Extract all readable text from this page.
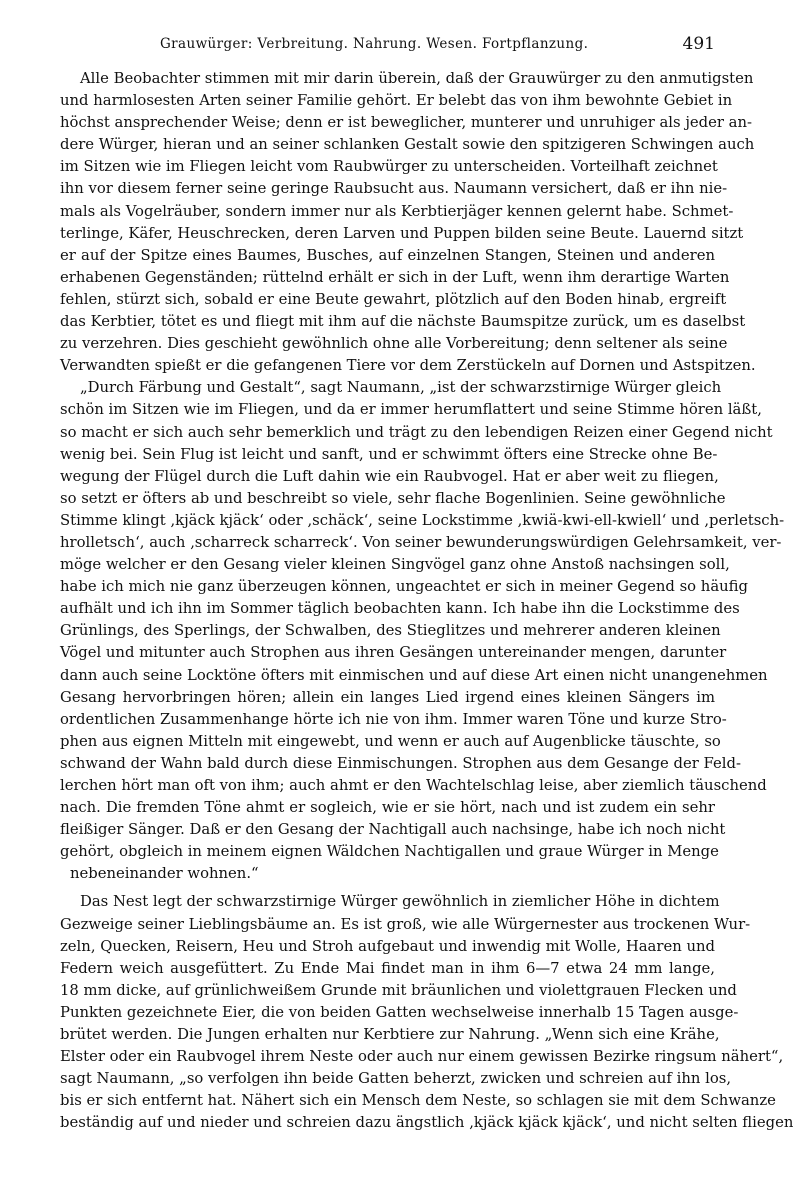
Grauwürger: Verbreitung. Nahrung. Wesen. Fortpflanzung.	491
Alle Beobachter stimmen mit mir darin überein, daß der Grauwürger zu den anmutigsten
und harmlosesten Arten seiner Familie gehört. Er belebt das von ihm bewohnte Gebiet in
höchst ansprechender Weise; denn er ist beweglicher, munterer und unruhiger als jeder an-
dere Würger, hieran und an seiner schlanken Gestalt sowie den spitzigeren Schwingen auch
im Sitzen wie im Fliegen leicht vom Raubwürger zu unterscheiden. Vorteilhaft zeichnet
ihn vor diesem ferner seine geringe Raubsucht aus. Naumann versichert, daß er ihn nie-
mals als Vogelräuber, sondern immer nur als Kerbtierjäger kennen gelernt habe. Schmet-
terlinge, Käfer, Heuschrecken, deren Larven und Puppen bilden seine Beute. Lauernd sitzt
er auf der Spitze eines Baumes, Busches, auf einzelnen Stangen, Steinen und anderen
erhabenen Gegenständen; rüttelnd erhält er sich in der Luft, wenn ihm derartige Warten
fehlen, stürzt sich, sobald er eine Beute gewahrt, plötzlich auf den Boden hinab, ergreift
das Kerbtier, tötet es und fliegt mit ihm auf die nächste Baumspitze zurück, um es daselbst
zu verzehren. Dies geschieht gewöhnlich ohne alle Vorbereitung; denn seltener als seine
Verwandten spießt er die gefangenen Tiere vor dem Zerstückeln auf Dornen und Astspitzen.
„Durch Färbung und Gestalt“, sagt Naumann, „ist der schwarzstirnige Würger gleich
schön im Sitzen wie im Fliegen, und da er immer herumflattert und seine Stimme hören läßt,
so macht er sich auch sehr bemerklich und trägt zu den lebendigen Reizen einer Gegend nicht
wenig bei. Sein Flug ist leicht und sanft, und er schwimmt öfters eine Strecke ohne Be-
wegung der Flügel durch die Luft dahin wie ein Raubvogel. Hat er aber weit zu fliegen,
so setzt er öfters ab und beschreibt so viele, sehr flache Bogenlinien. Seine gewöhnliche
Stimme klingt ‚kjäck kjäck‘ oder ‚schäck‘, seine Lockstimme ‚kwiä-kwi-ell-kwiell‘ und ‚perletsch-
hrolletsch‘, auch ‚scharreck scharreck‘. Von seiner bewunderungswürdigen Gelehrsamkeit, ver-
möge welcher er den Gesang vieler kleinen Singvögel ganz ohne Anstoß nachsingen soll,
habe ich mich nie ganz überzeugen können, ungeachtet er sich in meiner Gegend so häufig
aufhält und ich ihn im Sommer täglich beobachten kann. Ich habe ihn die Lockstimme des
Grünlings, des Sperlings, der Schwalben, des Stieglitzes und mehrerer anderen kleinen
Vögel und mitunter auch Strophen aus ihren Gesängen untereinander mengen, darunter
dann auch seine Locktöne öfters mit einmischen und auf diese Art einen nicht unangenehmen
Gesang hervorbringen hören; allein ein langes Lied irgend eines kleinen Sängers im
ordentlichen Zusammenhange hörte ich nie von ihm. Immer waren Töne und kurze Stro-
phen aus eignen Mitteln mit eingewebt, und wenn er auch auf Augenblicke täuschte, so
schwand der Wahn bald durch diese Einmischungen. Strophen aus dem Gesange der Feld-
lerchen hört man oft von ihm; auch ahmt er den Wachtelschlag leise, aber ziemlich täuschend
nach. Die fremden Töne ahmt er sogleich, wie er sie hört, nach und ist zudem ein sehr
fleißiger Sänger. Daß er den Gesang der Nachtigall auch nachsinge, habe ich noch nicht
gehört, obgleich in meinem eignen Wäldchen Nachtigallen und graue Würger in Menge
nebeneinander wohnen.“
Das Nest legt der schwarzstirnige Würger gewöhnlich in ziemlicher Höhe in dichtem
Gezweige seiner Lieblingsbäume an. Es ist groß, wie alle Würgernester aus trockenen Wur-
zeln, Quecken, Reisern, Heu und Stroh aufgebaut und inwendig mit Wolle, Haaren und
Federn weich ausgefüttert. Zu Ende Mai findet man in ihm 6—7 etwa 24 mm lange,
18 mm dicke, auf grünlichweißem Grunde mit bräunlichen und violettgrauen Flecken und
Punkten gezeichnete Eier, die von beiden Gatten wechselweise innerhalb 15 Tagen ausge-
brütet werden. Die Jungen erhalten nur Kerbtiere zur Nahrung. „Wenn sich eine Krähe,
Elster oder ein Raubvogel ihrem Neste oder auch nur einem gewissen Bezirke ringsum nähert“,
sagt Naumann, „so verfolgen ihn beide Gatten beherzt, zwicken und schreien auf ihn los,
bis er sich entfernt hat. Nähert sich ein Mensch dem Neste, so schlagen sie mit dem Schwanze
beständig auf und nieder und schreien dazu ängstlich ‚kjäck kjäck kjäck‘, und nicht selten fliegen
